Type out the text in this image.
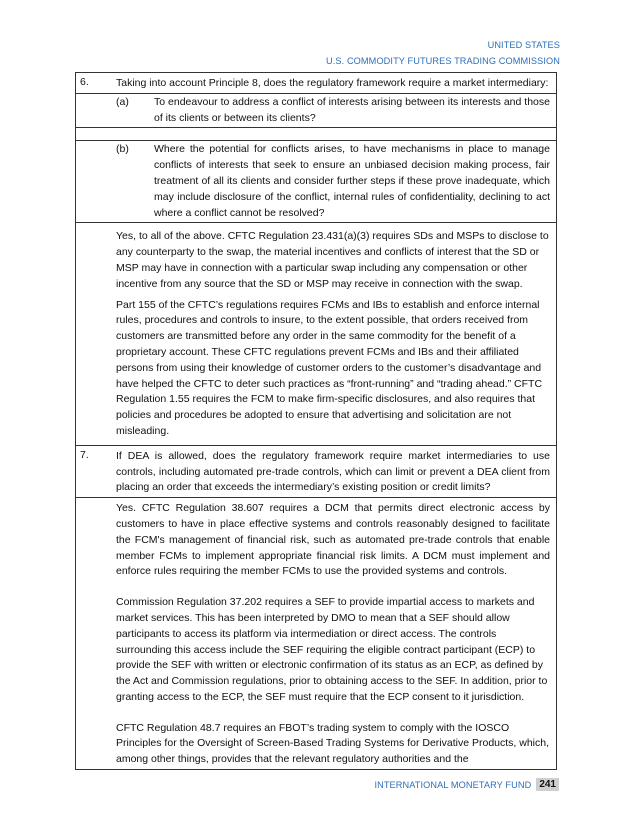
UNITED STATES
U.S. COMMODITY FUTURES TRADING COMMISSION
6.	Taking into account Principle 8, does the regulatory framework require a market intermediary:
(a)	To endeavour to address a conflict of interests arising between its interests and those of its clients or between its clients?
(b)	Where the potential for conflicts arises, to have mechanisms in place to manage conflicts of interests that seek to ensure an unbiased decision making process, fair treatment of all its clients and consider further steps if these prove inadequate, which may include disclosure of the conflict, internal rules of confidentiality, declining to act where a conflict cannot be resolved?

Yes, to all of the above. CFTC Regulation 23.431(a)(3) requires SDs and MSPs to disclose to any counterparty to the swap, the material incentives and conflicts of interest that the SD or MSP may have in connection with a particular swap including any compensation or other incentive from any source that the SD or MSP may receive in connection with the swap.

Part 155 of the CFTC’s regulations requires FCMs and IBs to establish and enforce internal rules, procedures and controls to insure, to the extent possible, that orders received from customers are transmitted before any order in the same commodity for the benefit of a proprietary account. These CFTC regulations prevent FCMs and IBs and their affiliated persons from using their knowledge of customer orders to the customer’s disadvantage and have helped the CFTC to deter such practices as “front-running” and “trading ahead.” CFTC Regulation 1.55 requires the FCM to make firm-specific disclosures, and also requires that policies and procedures be adopted to ensure that advertising and solicitation are not misleading.

7.	If DEA is allowed, does the regulatory framework require market intermediaries to use controls, including automated pre-trade controls, which can limit or prevent a DEA client from placing an order that exceeds the intermediary’s existing position or credit limits?

Yes. CFTC Regulation 38.607 requires a DCM that permits direct electronic access by customers to have in place effective systems and controls reasonably designed to facilitate the FCM's management of financial risk, such as automated pre-trade controls that enable member FCMs to implement appropriate financial risk limits. A DCM must implement and enforce rules requiring the member FCMs to use the provided systems and controls.

Commission Regulation 37.202 requires a SEF to provide impartial access to markets and market services. This has been interpreted by DMO to mean that a SEF should allow participants to access its platform via intermediation or direct access. The controls surrounding this access include the SEF requiring the eligible contract participant (ECP) to provide the SEF with written or electronic confirmation of its status as an ECP, as defined by the Act and Commission regulations, prior to obtaining access to the SEF. In addition, prior to granting access to the ECP, the SEF must require that the ECP consent to it jurisdiction.

CFTC Regulation 48.7 requires an FBOT’s trading system to comply with the IOSCO Principles for the Oversight of Screen-Based Trading Systems for Derivative Products, which, among other things, provides that the relevant regulatory authorities and the

INTERNATIONAL MONETARY FUND 241
